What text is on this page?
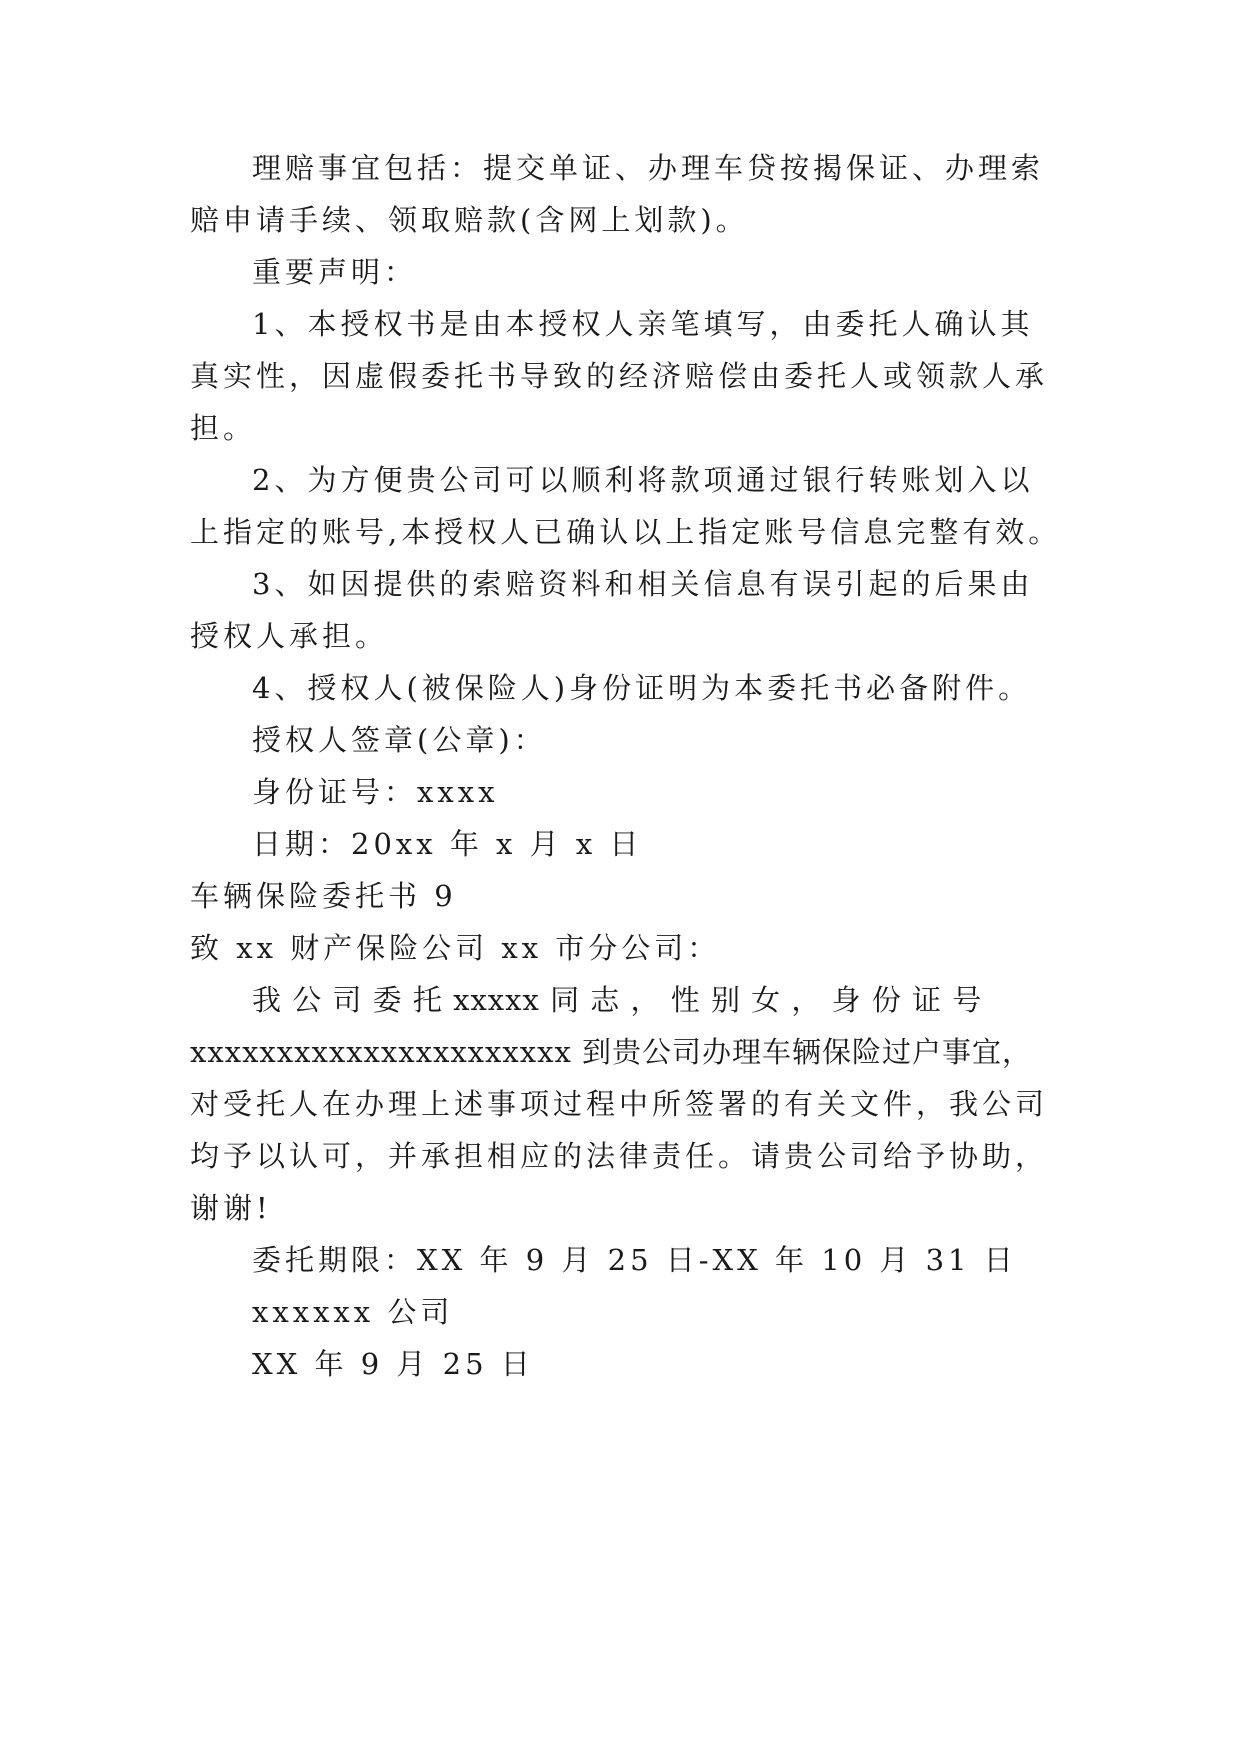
理赔事宜包括：提交单证、办理车贷按揭保证、办理索
赔申请手续、领取赔款(含网上划款)。
重要声明：
1、本授权书是由本授权人亲笔填写，由委托人确认其
真实性，因虚假委托书导致的经济赔偿由委托人或领款人承
担。
2、为方便贵公司可以顺利将款项通过银行转账划入以
上指定的账号,本授权人已确认以上指定账号信息完整有效。
3、如因提供的索赔资料和相关信息有误引起的后果由
授权人承担。
4、授权人(被保险人)身份证明为本委托书必备附件。
授权人签章(公章)：
身份证号：xxxx
日期：20xx 年 x 月 x 日
车辆保险委托书 9
致 xx 财产保险公司 xx 市分公司：
我 公 司 委 托 xxxxx 同 志 ， 性 别 女 ， 身 份 证 号
xxxxxxxxxxxxxxxxxxxxxx 到贵公司办理车辆保险过户事宜，
对受托人在办理上述事项过程中所签署的有关文件，我公司
均予以认可，并承担相应的法律责任。请贵公司给予协助，
谢谢!
委托期限：XX 年 9 月 25 日-XX 年 10 月 31 日
xxxxxx 公司
XX 年 9 月 25 日
